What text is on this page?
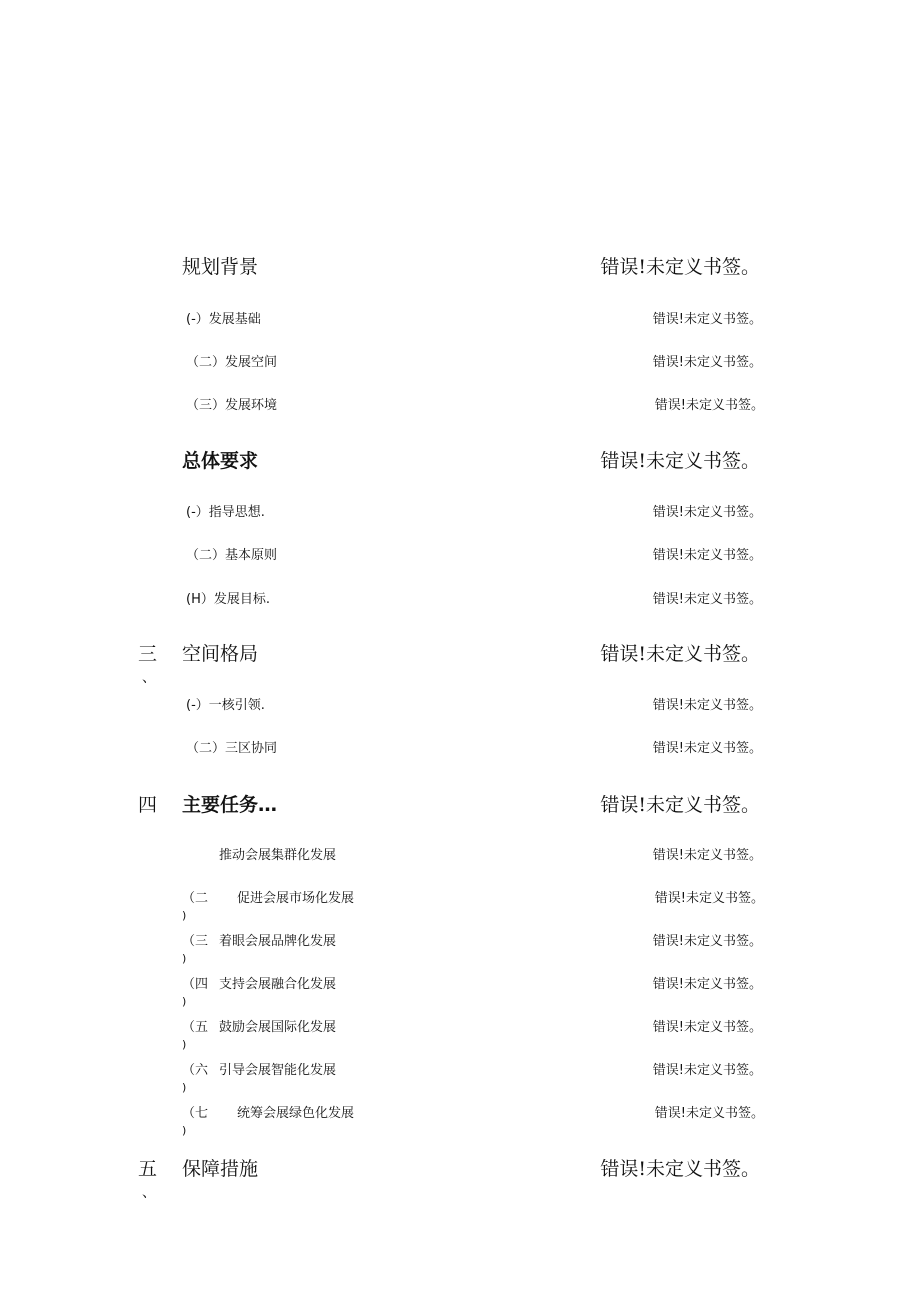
规划背景	错误!未定义书签。
(-）发展基础	错误!未定义书签。
（二）发展空间	错误!未定义书签。
（三）发展环境	错误!未定义书签。
总体要求	错误!未定义书签。
(-）指导思想.	错误!未定义书签。
（二）基本原则	错误!未定义书签。
(H）发展目标.	错误!未定义书签。
三
、
空间格局	错误!未定义书签。
(-）一核引领.	错误!未定义书签。
（二）三区协同	错误!未定义书签。
四 主要任务…	错误!未定义书签。
推动会展集群化发展	错误!未定义书签。
（二
)
促进会展市场化发展	错误!未定义书签。
（三
)
着眼会展品牌化发展	错误!未定义书签。
（四
)
支持会展融合化发展	错误!未定义书签。
（五
)
鼓励会展国际化发展	错误!未定义书签。
（六
)
引导会展智能化发展	错误!未定义书签。
（七
)
统筹会展绿色化发展	错误!未定义书签。
五
、
保障措施	错误!未定义书签。
